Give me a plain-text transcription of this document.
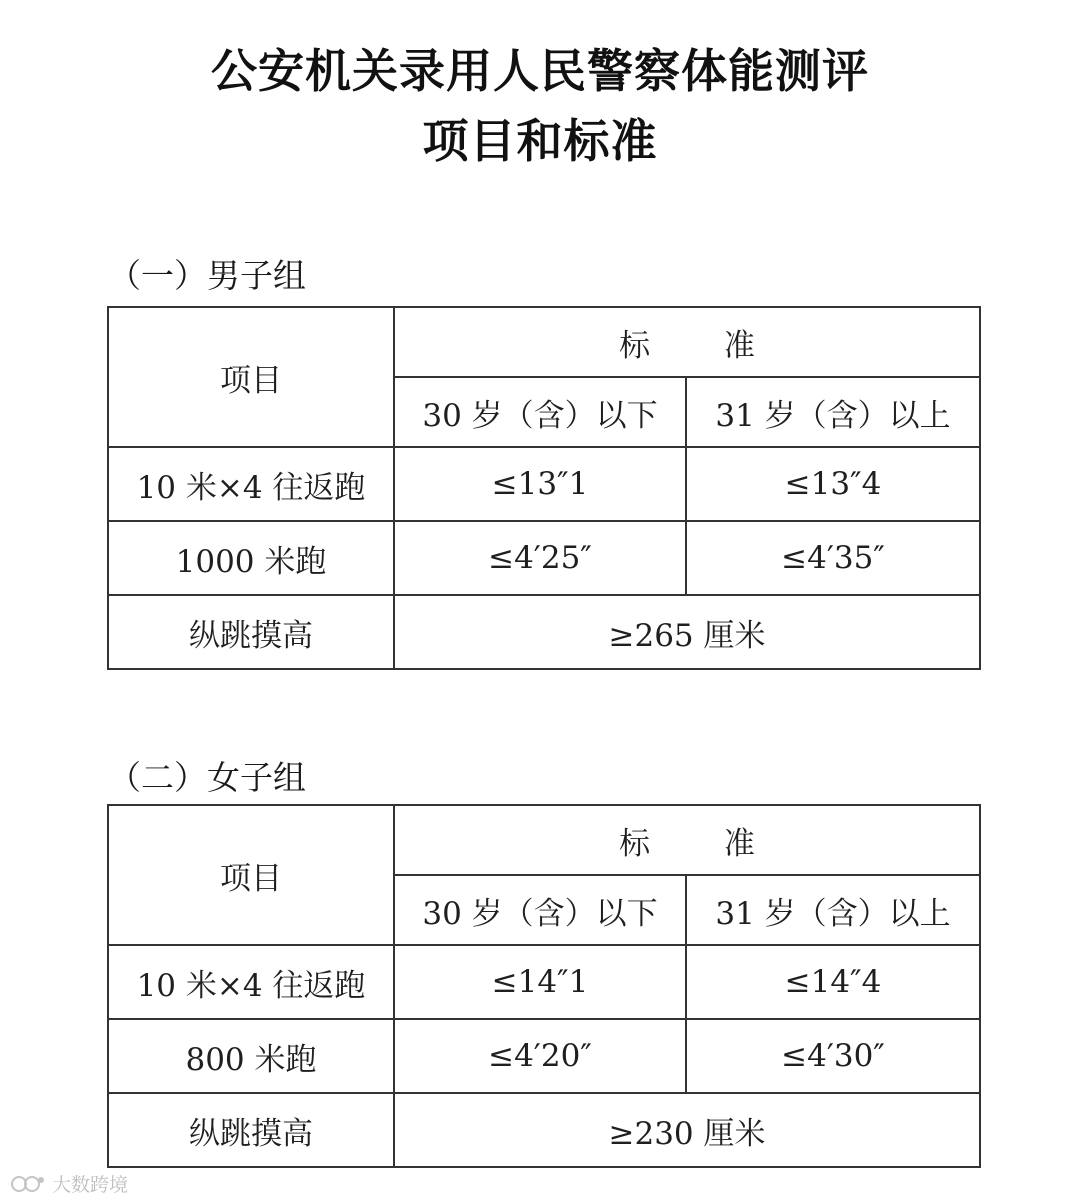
公安机关录用人民警察体能测评
项目和标准
（一）男子组
项目	标 准	
	30 岁（含）以下	31 岁（含）以上
10 米×4 往返跑	≤13″1	≤13″4
1000 米跑	≤4′25″	≤4′35″
纵跳摸高	≥265 厘米	
（二）女子组
项目	标 准	
	30 岁（含）以下	31 岁（含）以上
10 米×4 往返跑	≤14″1	≤14″4
800 米跑	≤4′20″	≤4′30″
纵跳摸高	≥230 厘米	
大数跨境
